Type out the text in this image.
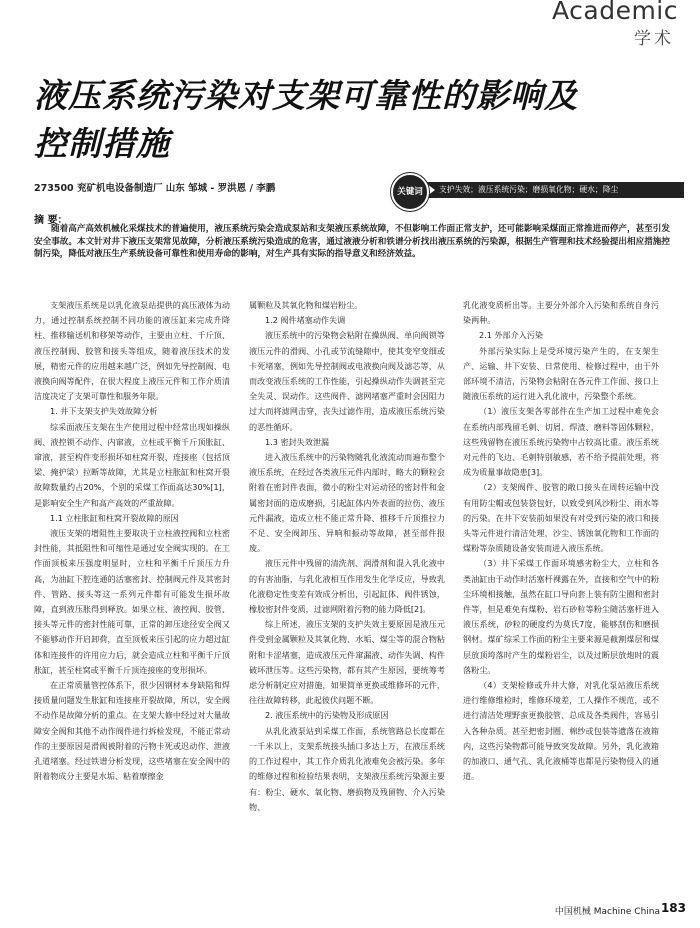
Academic
学术
液压系统污染对支架可靠性的影响及控制措施
273500 兖矿机电设备制造厂 山东 邹城 - 罗洪恩 / 李鹏	支护失效；液压系统污染；磨损氧化物；硬水；降尘
关键词
摘 要：
随着高产高效机械化采煤技术的普遍使用，液压系统污染会造成泵站和支架液压系统故障，不但影响工作面正常支护，还可能影响采煤面正常推进而停产，甚至引发安全事故。本文针对井下液压支架常见故障，分析液压系统污染造成的危害，通过液液分析和铁谱分析找出液压系统的污染源，根据生产管理和技术经验提出相应措施控制污染，降低对液压生产系统设备可靠性和使用寿命的影响，对生产具有实际的指导意义和经济效益。

支架液压系统是以乳化液泵站提供的高压液体为动力，通过控制系统控制不同功能的液压缸来完成升降柱、推移输送机和移架等动作，主要由立柱、千斤顶、液压控制阀、胶管和接头等组成，随着液压技术的发展，精密元件的应用越来越广泛，例如先导控制阀、电液换向阀等配件，在很大程度上液压元件和工作介质清洁度决定了支架可靠性和服务年限。

1. 井下支架支护失效故障分析

综采面液压支架在生产使用过程中经常出现如操纵阀、液控锁不动作、内窜液，立柱或平衡千斤顶胀缸、窜液，甚至构件变形损坏如柱窝开裂、连接座（包括顶梁、掩护梁）拉断等故障，尤其是立柱胀缸和柱窝开裂故障数量约占20%，个别的采煤工作面高达30%[1]，是影响安全生产和高产高效的严重故障。

1.1 立柱胀缸和柱窝开裂故障的原因

液压支架的增阻性主要取决于立柱液控阀和立柱密封性能，其抵阻性和可缩性是通过安全阀实现的。在工作面顶板来压强度明显时，立柱和平衡千斤顶压力升高，为油缸下腔连通的活塞密封、控制阀元件及其密封件、管路、接头等这一系列元件都有可能发生损坏故障，直到液压胀得到释放。如果立柱、液控阀、胶管、接头等元件的密封性能可靠，正常的卸压途径安全阀又不能够动作开启卸荷，直至顶板来压引起的应力超过缸体和连接件的许用应力后，就会造成立柱和平衡千斤顶胀缸，甚至柱窝或平衡千斤顶连接座的变形损坏。

在正常质量管控体系下，很少因钢材本身缺陷和焊接质量问题发生胀缸和连接座开裂故障，所以，安全阀不动作是故障分析的重点。在支架大修中经过对大量故障安全阀和其他不动作阀件进行拆检发现，不能正常动作的主要原因是滑阀被附着的污物卡死或迟动作、泄液孔道堵塞。经过铁谱分析发现，这些堵塞在安全阀中的附着物成分主要是水垢、粘着摩擦金

属颗粒及其氧化物和煤岩粉尘。

1.2 阀件堵塞动作失调

液压系统中的污染物会粘附在操纵阀、单向阀锁等液压元件的滑阀、小孔或节流缝隙中，使其变窄变细或卡死堵塞，例如先导控制阀或电液换向阀及滤芯等，从而改变液压系统的工作性能，引起操纵动作失调甚至完全失灵、误动作。这些阀件、滤网堵塞严重时会因阻力过大而将滤网击穿，丧失过滤作用，造成液压系统污染的恶性循环。

1.3 密封失效泄漏

进入液压系统中的污染物随乳化液流动而遍布整个液压系统，在经过各类液压元件内部时，略大的颗粒会附着在密封件表面，微小的粉尘对运动径的密封件和金属密封面的造成磨损，引起缸体内外表面的拉伤、液压元件漏液，造成立柱不能正常升降、推移千斤顶推拉力不足、安全阀卸压、异响和振动等故障，甚至部件报废。

液压元件中残留的清洗剂、润滑剂和混入乳化液中的有害油脂，与乳化液相互作用发生化学反应，导致乳化液稳定性变差有效成分析出，引起缸体、阀件锈蚀，橡胶密封件变质，过滤网附着污物的能力降低[2]。

综上所述，液压支架的支护失效主要原因是液压元件受到金属颗粒及其氧化物、水垢、煤尘等的混合物粘附和卡涩堵塞，造成液压元件窜漏液、动作失调、构件破坏泄压等。这些污染物，都有其产生原因，要统筹考虑分析制定应对措施，如果简单更换或维修坏的元件，往往故障转移，此起彼伏问题不断。

2. 液压系统中的污染物及形成原因

从乳化液泵站到采煤工作面，系统管路总长度都在一千米以上，支架系统接头插口多达上万，在液压系统的工作过程中，其工作介质乳化液难免会被污染。多年的维修过程和检验结果表明，支架液压系统污染源主要有：粉尘、硬水、氧化物、磨损物及残留物、介入污染物、

乳化液变质析出等。主要分外部介入污染和系统自身污染两种。

2.1 外部介入污染

外部污染实际上是受环境污染产生的，在支架生产、运输、井下安装、日常使用、检修过程中，由于外部环境不清洁，污染物会粘附在各元件工作面、接口上随液压系统的运行进入乳化液中，污染整个系统。

（1）液压支架各零部件在生产加工过程中难免会在系统内部残留毛刺、切屑、焊渣、磨料等固体颗粒，这些残留物在液压系统污染物中占较高比重。液压系统对元件的飞边、毛刺特别敏感，若不给予提前处理，将成为质量事故隐患[3]。

（2）支架阀件、胶管的敞口接头在周转运输中没有用防尘帽或包装袋包好，以致受到风沙粉尘、雨水等的污染。在井下安装前如果没有对受到污染的液口和接头等元件进行清洁处理，沙尘、锈蚀氧化物和工作面的煤粉等杂质随设备安装而进入液压系统。

（3）井下采煤工作面环境感劣粉尘大，立柱和各类油缸由于动作时活塞杆裸露在外，直接和空气中的粉尘环境相接触，虽然在缸口导向套上装有防尘圈和密封件等，但是难免有煤粉、岩石砂粒等粉尘随活塞杆进入液压系统，砂粒的硬度约为莫氏7度，能够刮伤和磨损钢材。煤矿综采工作面的粉尘主要来源是截割煤层和煤层放顶垮落时产生的煤粉岩尘，以及过断层放炮时的震落粉尘。

（4）支架检修或升井大修，对乳化泵站液压系统进行维修维检时，维修环境差，工人操作不规范，或不进行清洁处理野蛮更换胶管、总成及各类阀件，容易引入各种杂质。甚至把密封圈、棉纱或包装等遗落在液箱内，这些污染物都可能导致突发故障。另外，乳化液箱的加液口、通气孔、乳化液桶等也都是污染物侵入的通道。

中国机械 Machine China 183
